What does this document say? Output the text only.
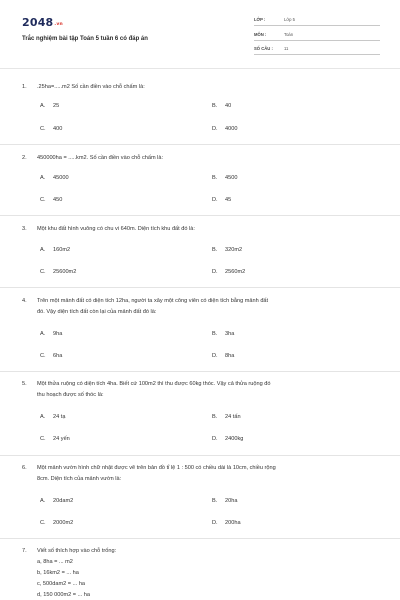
2048.vn
Trắc nghiệm bài tập Toán 5 tuần 6 có đáp án
LỚP :	Lớp 5
MÔN :	Toán
SỐ CÂU :	11
1. .25ha=.....m2 Số cần điền vào chỗ chấm là:
A. 25	B. 40
C. 400	D. 4000
2. 450000ha = .....km2. Số cần điền vào chỗ chấm là:
A. 45000	B. 4500
C. 450	D. 45
3. Một khu đất hình vuông có chu vi 640m. Diện tích khu đất đó là:
A. 160m2	B. 320m2
C. 25600m2	D. 2560m2
4. Trên một mảnh đất có diện tích 12ha, người ta xây một công viên có diện tích bằng mảnh đất
đó. Vậy diện tích đất còn lại của mảnh đất đó là:
A. 9ha	B. 3ha
C. 6ha	D. 8ha
5. Một thửa ruộng có diện tích 4ha. Biết cứ 100m2 thì thu được 60kg thóc. Vậy cả thửa ruộng đó
thu hoạch được số thóc là:
A. 24 tạ	B. 24 tấn
C. 24 yến	D. 2400kg
6. Một mảnh vườn hình chữ nhật được vẽ trên bản đồ tỉ lệ 1 : 500 có chiều dài là 10cm, chiều rộng
8cm. Diện tích của mảnh vườn là:
A. 20dam2	B. 20ha
C. 2000m2	D. 200ha
7. Viết số thích hợp vào chỗ trống:
a, 8ha = ... m2
b, 16km2 = ... ha
c, 500dam2 = ... ha
d, 150 000m2 = ... ha
